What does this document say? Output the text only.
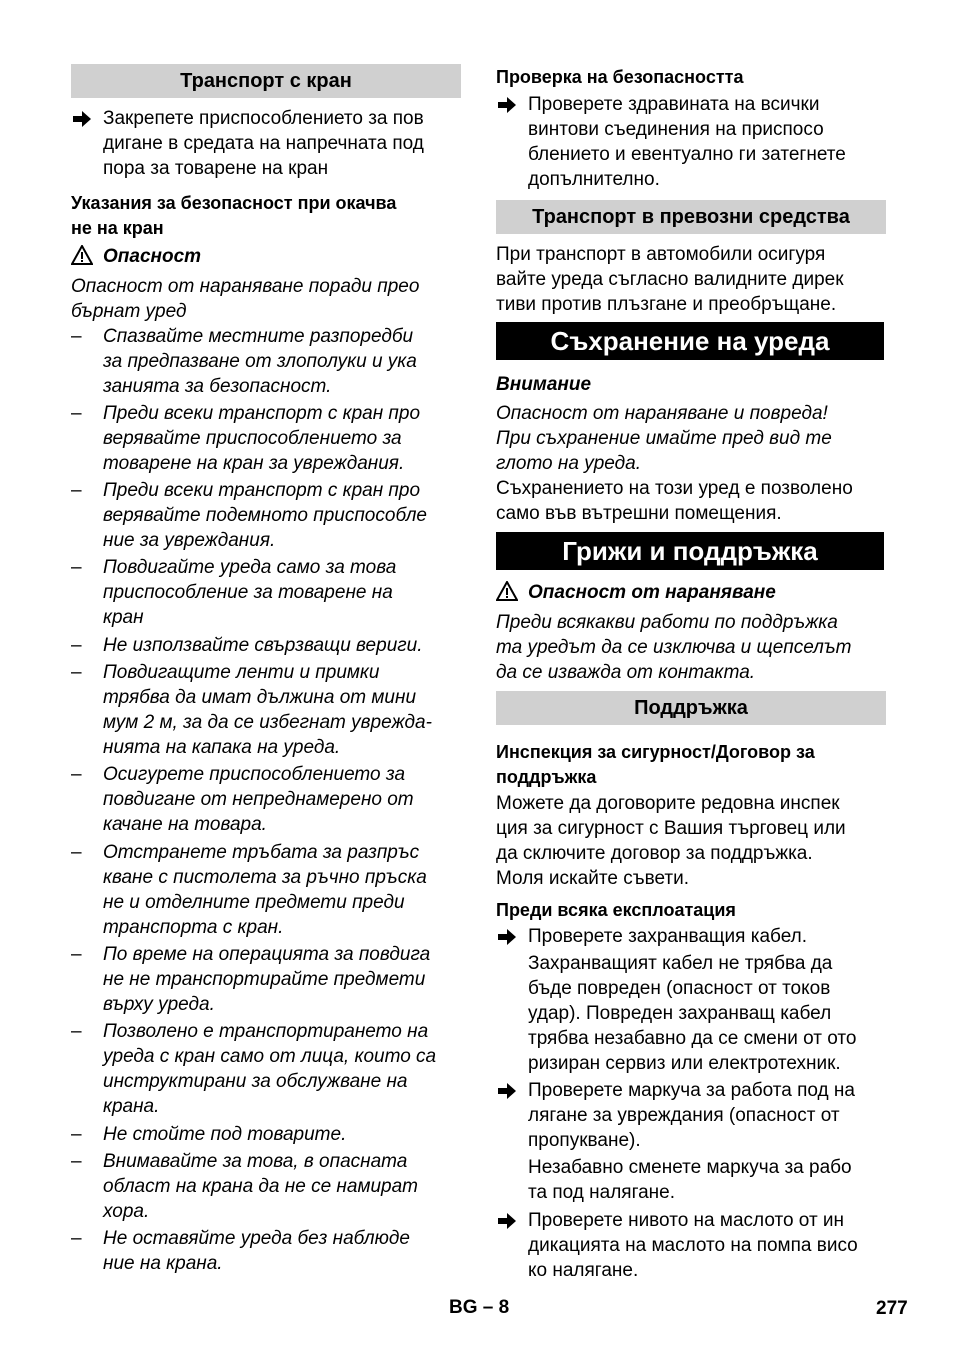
Транспорт с кран
Закрепете приспособлението за пов
дигане в средата на напречната под
пора за товарене на кран
Указания за безопасност при окачва
не на кран
Опасност
Опасност от нараняване поради прео
бърнат уред
– Спазвайте местните разпоредби
за предпазване от злополуки и ука
занията за безопасност.
– Преди всеки транспорт с кран про
верявайте приспособлението за
товарене на кран за увреждания.
– Преди всеки транспорт с кран про
верявайте подемното приспособле
ние за увреждания.
– Повдигайте уреда само за това
приспособление за товарене на
кран
– Не използвайте свързващи вериги.
– Повдигащите ленти и примки
трябва да имат дължина от мини
мум 2 м, за да се избегнат уврежда-
нията на капака на уреда.
– Осигурете приспособлението за
повдигане от непреднамерено от
качане на товара.
– Отстранете тръбата за разпръс
кване с пистолета за ръчно пръска
не и отделните предмети преди
транспорта с кран.
– По време на операцията за повдига
не не транспортирайте предмети
върху уреда.
– Позволено е транспортирането на
уреда с кран само от лица, които са
инструктирани за обслужване на
крана.
– Не стойте под товарите.
– Внимавайте за това, в опасната
област на крана да не се намират
хора.
– Не оставяйте уреда без наблюде
ние на крана.
Проверка на безопасността
Проверете здравината на всички
винтови съединения на приспосо
блението и евентуално ги затегнете
допълнително.
Транспорт в превозни средства
При транспорт в автомобили осигуря
вайте уреда съгласно валидните дирек
тиви против плъзгане и преобръщане.
Съхранение на уреда
Внимание
Опасност от нараняване и повреда!
При съхранение имайте пред вид те
глото на уреда.
Съхранението на този уред е позволено
само във вътрешни помещения.
Грижи и поддръжка
Опасност от нараняване
Преди всякакви работи по поддръжка
та уредът да се изключва и щепселът
да се изважда от контакта.
Поддръжка
Инспекция за сигурност/Договор за
поддръжка
Можете да договорите редовна инспек
ция за сигурност с Вашия търговец или
да сключите договор за поддръжка.
Моля искайте съвети.
Преди всяка експлоатация
Проверете захранващия кабел.
Захранващият кабел не трябва да
бъде повреден (опасност от токов
удар). Повреден захранващ кабел
трябва незабавно да се смени от ото
ризиран сервиз или електротехник.
Проверете маркуча за работа под на
лягане за увреждания (опасност от
пропукване).
Незабавно сменете маркуча за рабо
та под налягане.
Проверете нивото на маслото от ин
дикацията на маслото на помпа висо
ко налягане.
BG – 8	277
